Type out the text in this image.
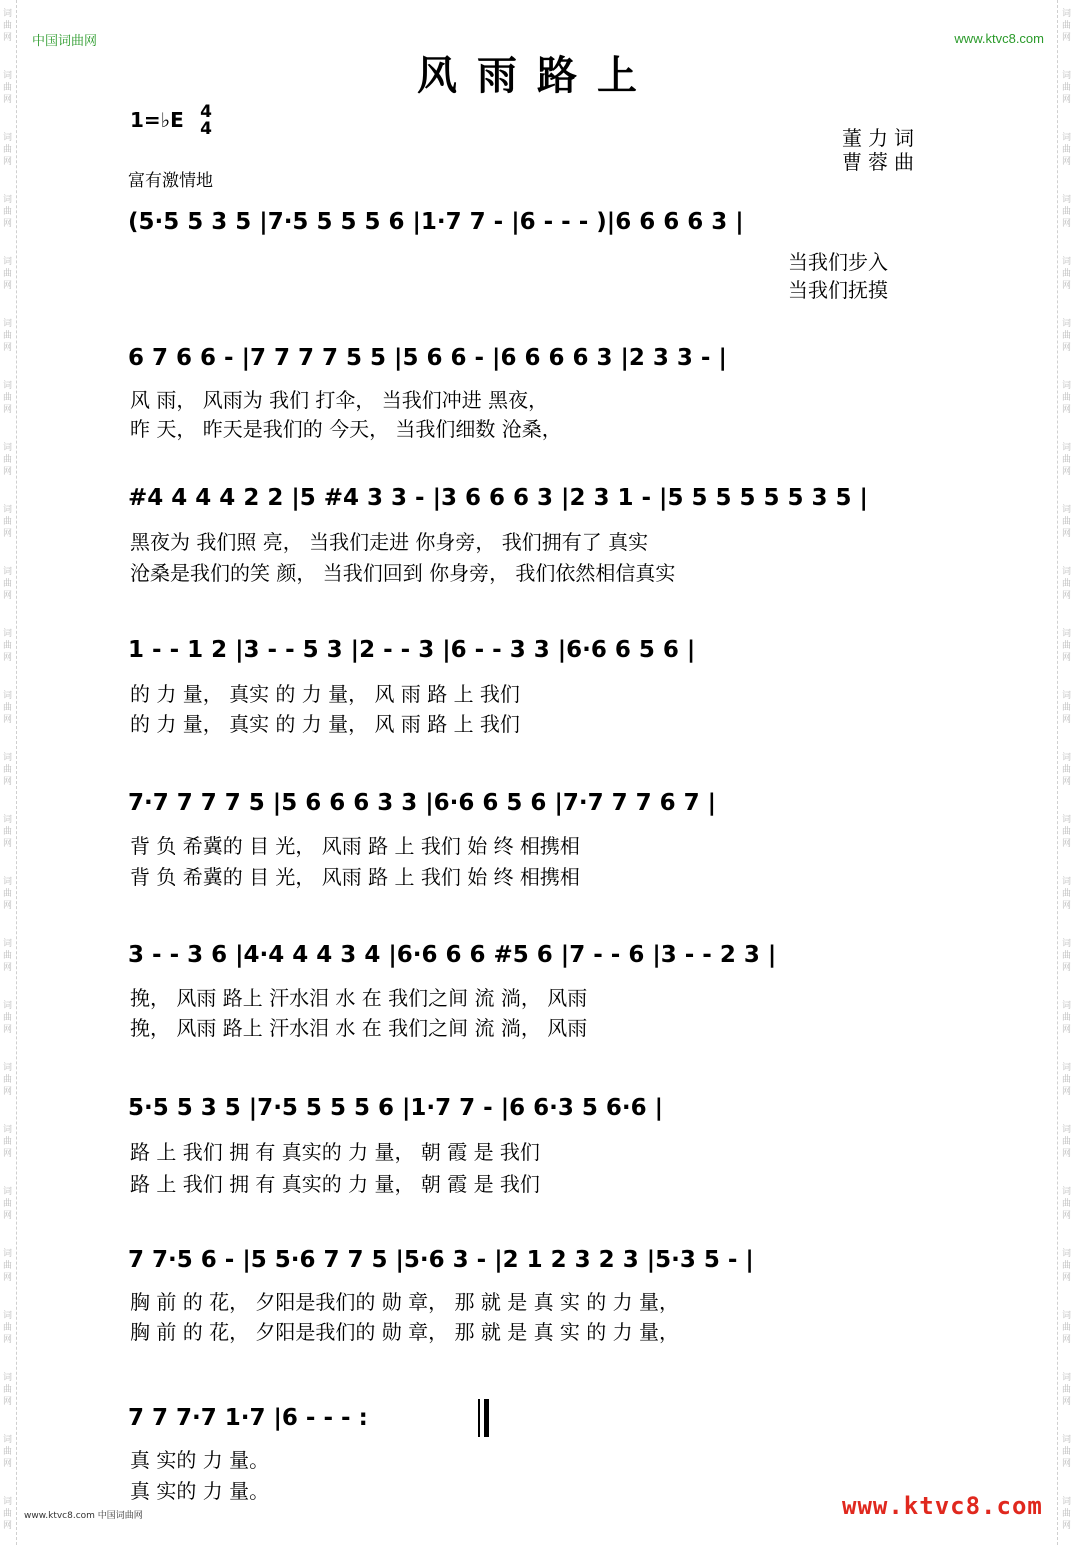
词
曲
网
词
曲
网
词
曲
网
词
曲
网
词
曲
网
词
曲
网
词
曲
网
词
曲
网
词
曲
网
词
曲
网
词
曲
网
词
曲
网
词
曲
网
词
曲
网
词
曲
网
词
曲
网
词
曲
网
词
曲
网
词
曲
网
词
曲
网
词
曲
网
词
曲
网
词
曲
网
词
曲
网
词
曲
网
词
曲
网
词
曲
网
词
曲
网
词
曲
网
词
曲
网
词
曲
网
词
曲
网
词
曲
网
词
曲
网
词
曲
网
词
曲
网
词
曲
网
词
曲
网
词
曲
网
词
曲
网
词
曲
网
词
曲
网
词
曲
网
词
曲
网
词
曲
网
词
曲
网
词
曲
网
词
曲
网
词
曲
网
词
曲
网
中国词曲网	www.ktvc8.com
风雨路上
1=♭E 4
4	董力词
曹蓉曲
富有激情地
(5·5 5 3 5 |7·5 5 5 5 6 |1·7 7 - |6 - - - )|6 6 6 6 3 |
当我们步入
当我们抚摸
6 7 6 6 - |7 7 7 7 5 5 |5 6 6 - |6 6 6 6 3 |2 3 3 - |
风 雨， 风雨为 我们 打伞， 当我们冲进 黑夜，
昨 天， 昨天是我们的 今天， 当我们细数 沧桑，
#4 4 4 4 2 2 |5 #4 3 3 - |3 6 6 6 3 |2 3 1 - |5 5 5 5 5 5 3 5 |
黑夜为 我们照 亮， 当我们走进 你身旁， 我们拥有了 真实
沧桑是我们的笑 颜， 当我们回到 你身旁， 我们依然相信真实
1 - - 1 2 |3 - - 5 3 |2 - - 3 |6 - - 3 3 |6·6 6 5 6 |
的 力 量， 真实 的 力 量， 风 雨 路 上 我们
的 力 量， 真实 的 力 量， 风 雨 路 上 我们
7·7 7 7 7 5 |5 6 6 6 3 3 |6·6 6 5 6 |7·7 7 7 6 7 |
背 负 希冀的 目 光， 风雨 路 上 我们 始 终 相携相
背 负 希冀的 目 光， 风雨 路 上 我们 始 终 相携相
3 - - 3 6 |4·4 4 4 3 4 |6·6 6 6 #5 6 |7 - - 6 |3 - - 2 3 |
挽， 风雨 路上 汗水泪 水 在 我们之间 流 淌， 风雨
挽， 风雨 路上 汗水泪 水 在 我们之间 流 淌， 风雨
5·5 5 3 5 |7·5 5 5 5 6 |1·7 7 - |6 6·3 5 6·6 |
路 上 我们 拥 有 真实的 力 量， 朝 霞 是 我们
路 上 我们 拥 有 真实的 力 量， 朝 霞 是 我们
7 7·5 6 - |5 5·6 7 7 5 |5·6 3 - |2 1 2 3 2 3 |5·3 5 - |
胸 前 的 花， 夕阳是我们的 勋 章， 那 就 是 真 实 的 力 量，
胸 前 的 花， 夕阳是我们的 勋 章， 那 就 是 真 实 的 力 量，
7 7 7·7 1·7 |6 - - - :
真 实的 力 量。
真 实的 力 量。
www.ktvc8.com 中国词曲网	www.ktvc8.com
